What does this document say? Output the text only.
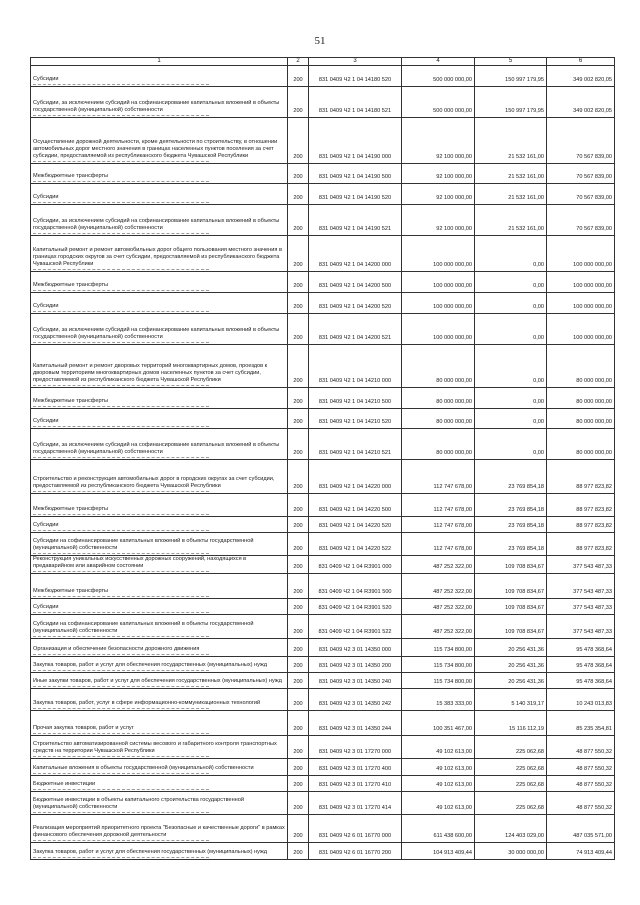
51
1	2	3	4	5	6

Субсидии	200	831 0409 Ч2 1 04 14180 520	500 000 000,00	150 997 179,95	349 002 820,05

Субсидии, за исключением субсидий на софинансирование капитальных вложений в объекты государственной (муниципальной) собственности	200	831 0409 Ч2 1 04 14180 521	500 000 000,00	150 997 179,95	349 002 820,05

Осуществление дорожной деятельности, кроме деятельности по строительству, в отношении автомобильных дорог местного значения в границах населенных пунктов поселения за счет субсидии, предоставляемой из республиканского бюджета Чувашской Республики	200	831 0409 Ч2 1 04 14190 000	92 100 000,00	21 532 161,00	70 567 839,00

Межбюджетные трансферты	200	831 0409 Ч2 1 04 14190 500	92 100 000,00	21 532 161,00	70 567 839,00

Субсидии	200	831 0409 Ч2 1 04 14190 520	92 100 000,00	21 532 161,00	70 567 839,00

Субсидии, за исключением субсидий на софинансирование капитальных вложений в объекты государственной (муниципальной) собственности	200	831 0409 Ч2 1 04 14190 521	92 100 000,00	21 532 161,00	70 567 839,00

Капитальный ремонт и ремонт автомобильных дорог общего пользования местного значения в границах городских округов за счет субсидии, предоставляемой из республиканского бюджета Чувашской Республики	200	831 0409 Ч2 1 04 14200 000	100 000 000,00	0,00	100 000 000,00

Межбюджетные трансферты	200	831 0409 Ч2 1 04 14200 500	100 000 000,00	0,00	100 000 000,00

Субсидии	200	831 0409 Ч2 1 04 14200 520	100 000 000,00	0,00	100 000 000,00

Субсидии, за исключением субсидий на софинансирование капитальных вложений в объекты государственной (муниципальной) собственности	200	831 0409 Ч2 1 04 14200 521	100 000 000,00	0,00	100 000 000,00

Капитальный ремонт и ремонт дворовых территорий многоквартирных домов, проездов к дворовым территориям многоквартирных домов населенных пунктов за счет субсидии, предоставляемой из республиканского бюджета Чувашской Республики	200	831 0409 Ч2 1 04 14210 000	80 000 000,00	0,00	80 000 000,00

Межбюджетные трансферты	200	831 0409 Ч2 1 04 14210 500	80 000 000,00	0,00	80 000 000,00

Субсидии	200	831 0409 Ч2 1 04 14210 520	80 000 000,00	0,00	80 000 000,00

Субсидии, за исключением субсидий на софинансирование капитальных вложений в объекты государственной (муниципальной) собственности	200	831 0409 Ч2 1 04 14210 521	80 000 000,00	0,00	80 000 000,00

Строительство и реконструкция автомобильных дорог в городских округах за счет субсидии, предоставляемой из республиканского бюджета Чувашской Республики	200	831 0409 Ч2 1 04 14220 000	112 747 678,00	23 769 854,18	88 977 823,82

Межбюджетные трансферты	200	831 0409 Ч2 1 04 14220 500	112 747 678,00	23 769 854,18	88 977 823,82

Субсидии	200	831 0409 Ч2 1 04 14220 520	112 747 678,00	23 769 854,18	88 977 823,82

Субсидии на софинансирование капитальных вложений в объекты государственной (муниципальной) собственности	200	831 0409 Ч2 1 04 14220 522	112 747 678,00	23 769 854,18	88 977 823,82

Реконструкция уникальных искусственных дорожных сооружений, находящихся в предаварийном или аварийном состоянии	200	831 0409 Ч2 1 04 R3901 000	487 252 322,00	109 708 834,67	377 543 487,33

Межбюджетные трансферты	200	831 0409 Ч2 1 04 R3901 500	487 252 322,00	109 708 834,67	377 543 487,33

Субсидии	200	831 0409 Ч2 1 04 R3901 520	487 252 322,00	109 708 834,67	377 543 487,33

Субсидии на софинансирование капитальных вложений в объекты государственной (муниципальной) собственности	200	831 0409 Ч2 1 04 R3901 522	487 252 322,00	109 708 834,67	377 543 487,33

Организация и обеспечение безопасности дорожного движения	200	831 0409 Ч2 3 01 14350 000	115 734 800,00	20 256 431,36	95 478 368,64

Закупка товаров, работ и услуг для обеспечения государственных (муниципальных) нужд	200	831 0409 Ч2 3 01 14350 200	115 734 800,00	20 256 431,36	95 478 368,64

Иные закупки товаров, работ и услуг для обеспечения государственных (муниципальных) нужд	200	831 0409 Ч2 3 01 14350 240	115 734 800,00	20 256 431,36	95 478 368,64

Закупка товаров, работ, услуг в сфере информационно-коммуникационных технологий	200	831 0409 Ч2 3 01 14350 242	15 383 333,00	5 140 319,17	10 243 013,83

Прочая закупка товаров, работ и услуг	200	831 0409 Ч2 3 01 14350 244	100 351 467,00	15 116 112,19	85 235 354,81

Строительство автоматизированной системы весового и габаритного контроля транспортных средств на территории Чувашской Республики	200	831 0409 Ч2 3 01 17270 000	49 102 613,00	225 062,68	48 877 550,32

Капитальные вложения в объекты государственной (муниципальной) собственности	200	831 0409 Ч2 3 01 17270 400	49 102 613,00	225 062,68	48 877 550,32

Бюджетные инвестиции	200	831 0409 Ч2 3 01 17270 410	49 102 613,00	225 062,68	48 877 550,32

Бюджетные инвестиции в объекты капитального строительства государственной (муниципальной) собственности	200	831 0409 Ч2 3 01 17270 414	49 102 613,00	225 062,68	48 877 550,32

Реализация мероприятий приоритетного проекта "Безопасные и качественные дороги" в рамках финансового обеспечения дорожной деятельности	200	831 0409 Ч2 6 01 16770 000	611 438 600,00	124 403 029,00	487 035 571,00

Закупка товаров, работ и услуг для обеспечения государственных (муниципальных) нужд	200	831 0409 Ч2 6 01 16770 200	104 913 409,44	30 000 000,00	74 913 409,44
